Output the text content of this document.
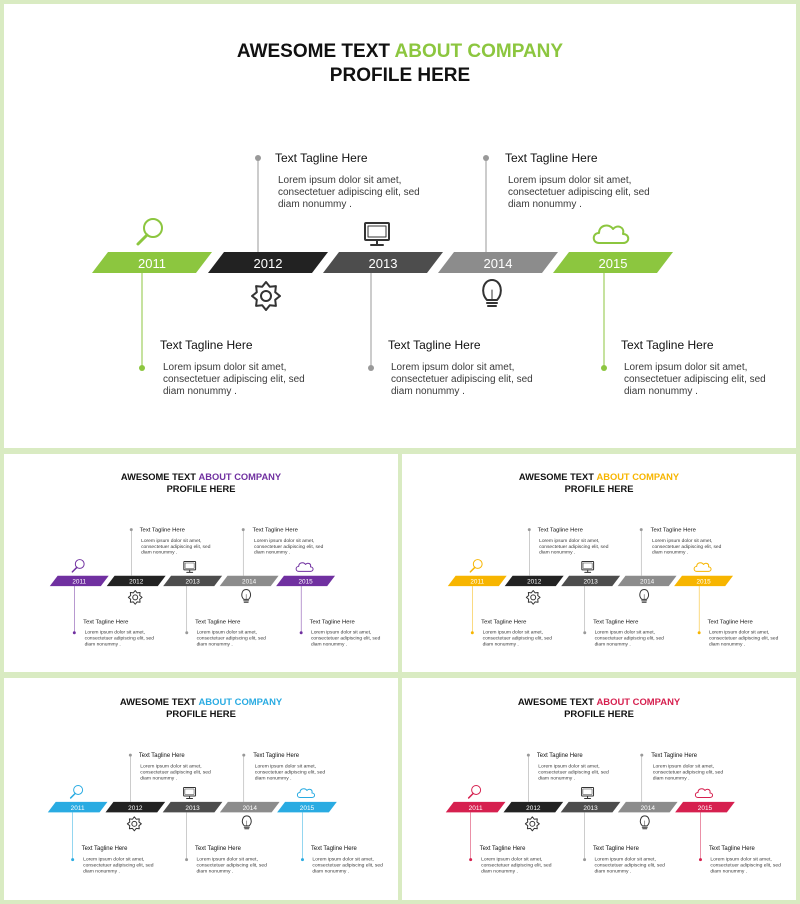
AWESOME TEXT ABOUT COMPANY
PROFILE HERE
2011	2012	2013	2014	2015
Text Tagline Here
Lorem ipsum dolor sit amet,
consectetuer adipiscing elit, sed
diam nonummy .
Text Tagline Here
Lorem ipsum dolor sit amet,
consectetuer adipiscing elit, sed
diam nonummy .
Text Tagline Here
Lorem ipsum dolor sit amet,
consectetuer adipiscing elit, sed
diam nonummy .
Text Tagline Here
Lorem ipsum dolor sit amet,
consectetuer adipiscing elit, sed
diam nonummy .
Text Tagline Here
Lorem ipsum dolor sit amet,
consectetuer adipiscing elit, sed
diam nonummy .
AWESOME TEXT ABOUT COMPANY
PROFILE HERE
2011	2012	2013	2014	2015
Text Tagline Here
Lorem ipsum dolor sit amet,
consectetuer adipiscing elit, sed
diam nonummy .
Text Tagline Here
Lorem ipsum dolor sit amet,
consectetuer adipiscing elit, sed
diam nonummy .
Text Tagline Here
Lorem ipsum dolor sit amet,
consectetuer adipiscing elit, sed
diam nonummy .
Text Tagline Here
Lorem ipsum dolor sit amet,
consectetuer adipiscing elit, sed
diam nonummy .
Text Tagline Here
Lorem ipsum dolor sit amet,
consectetuer adipiscing elit, sed
diam nonummy .
AWESOME TEXT ABOUT COMPANY
PROFILE HERE
2011	2012	2013	2014	2015
Text Tagline Here
Lorem ipsum dolor sit amet,
consectetuer adipiscing elit, sed
diam nonummy .
Text Tagline Here
Lorem ipsum dolor sit amet,
consectetuer adipiscing elit, sed
diam nonummy .
Text Tagline Here
Lorem ipsum dolor sit amet,
consectetuer adipiscing elit, sed
diam nonummy .
Text Tagline Here
Lorem ipsum dolor sit amet,
consectetuer adipiscing elit, sed
diam nonummy .
Text Tagline Here
Lorem ipsum dolor sit amet,
consectetuer adipiscing elit, sed
diam nonummy .
AWESOME TEXT ABOUT COMPANY
PROFILE HERE
2011	2012	2013	2014	2015
Text Tagline Here
Lorem ipsum dolor sit amet,
consectetuer adipiscing elit, sed
diam nonummy .
Text Tagline Here
Lorem ipsum dolor sit amet,
consectetuer adipiscing elit, sed
diam nonummy .
Text Tagline Here
Lorem ipsum dolor sit amet,
consectetuer adipiscing elit, sed
diam nonummy .
Text Tagline Here
Lorem ipsum dolor sit amet,
consectetuer adipiscing elit, sed
diam nonummy .
Text Tagline Here
Lorem ipsum dolor sit amet,
consectetuer adipiscing elit, sed
diam nonummy .
AWESOME TEXT ABOUT COMPANY
PROFILE HERE
2011	2012	2013	2014	2015
Text Tagline Here
Lorem ipsum dolor sit amet,
consectetuer adipiscing elit, sed
diam nonummy .
Text Tagline Here
Lorem ipsum dolor sit amet,
consectetuer adipiscing elit, sed
diam nonummy .
Text Tagline Here
Lorem ipsum dolor sit amet,
consectetuer adipiscing elit, sed
diam nonummy .
Text Tagline Here
Lorem ipsum dolor sit amet,
consectetuer adipiscing elit, sed
diam nonummy .
Text Tagline Here
Lorem ipsum dolor sit amet,
consectetuer adipiscing elit, sed
diam nonummy .
